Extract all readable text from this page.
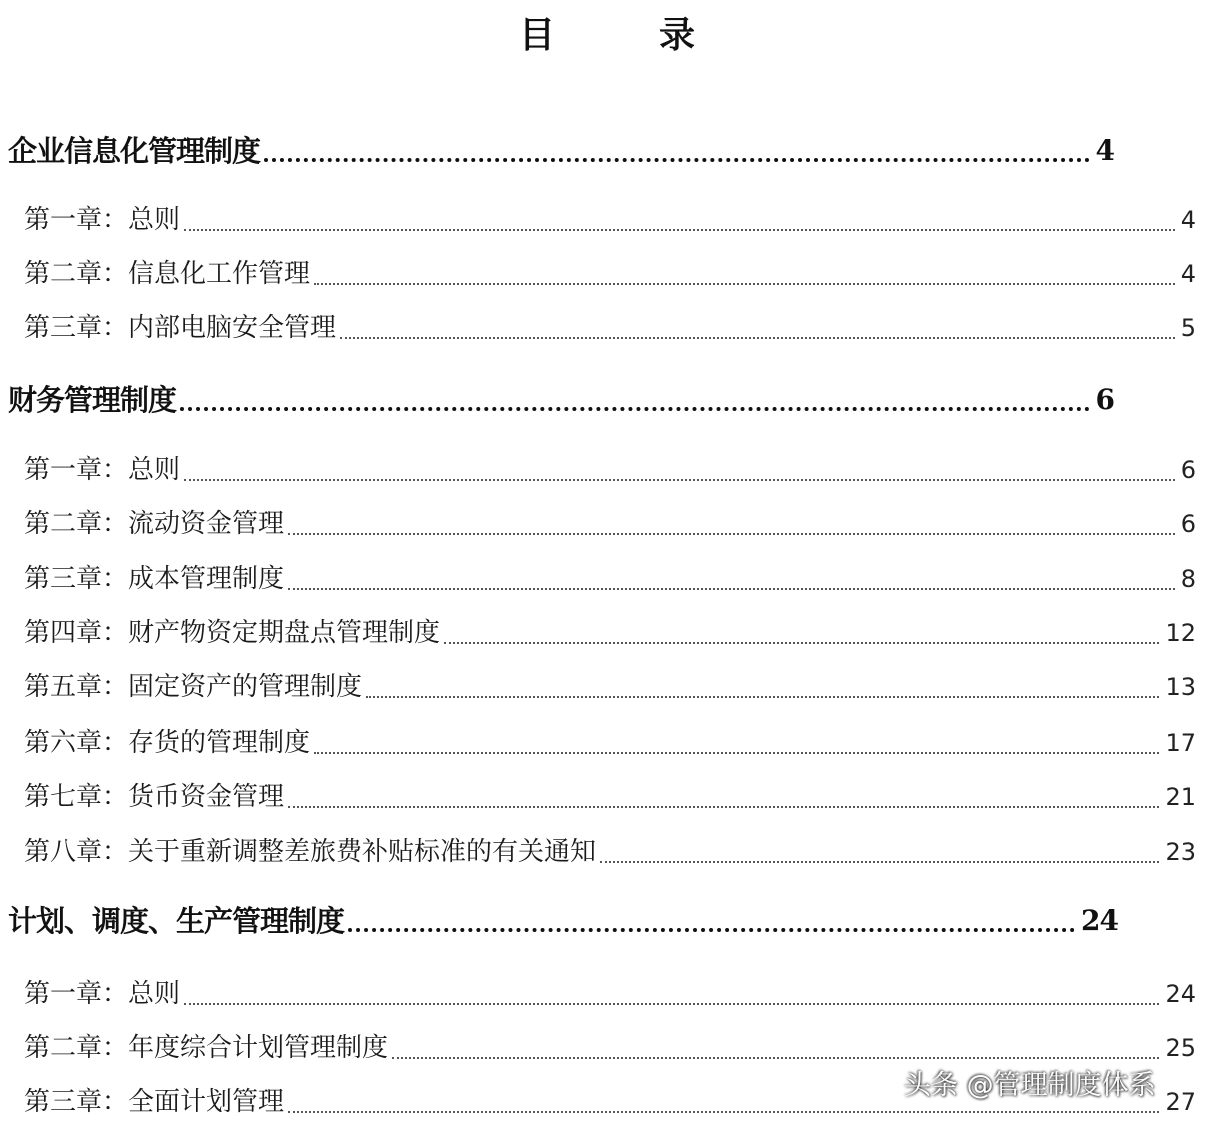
目　录
企业信息化管理制度	4
第一章：总则	4
第二章：信息化工作管理	4
第三章：内部电脑安全管理	5
财务管理制度	6
第一章：总则	6
第二章：流动资金管理	6
第三章：成本管理制度	8
第四章：财产物资定期盘点管理制度	12
第五章：固定资产的管理制度	13
第六章：存货的管理制度	17
第七章：货币资金管理	21
第八章：关于重新调整差旅费补贴标准的有关通知	23
计划、调度、生产管理制度	24
第一章：总则	24
第二章：年度综合计划管理制度	25
第三章：全面计划管理	27
头条 @管理制度体系
